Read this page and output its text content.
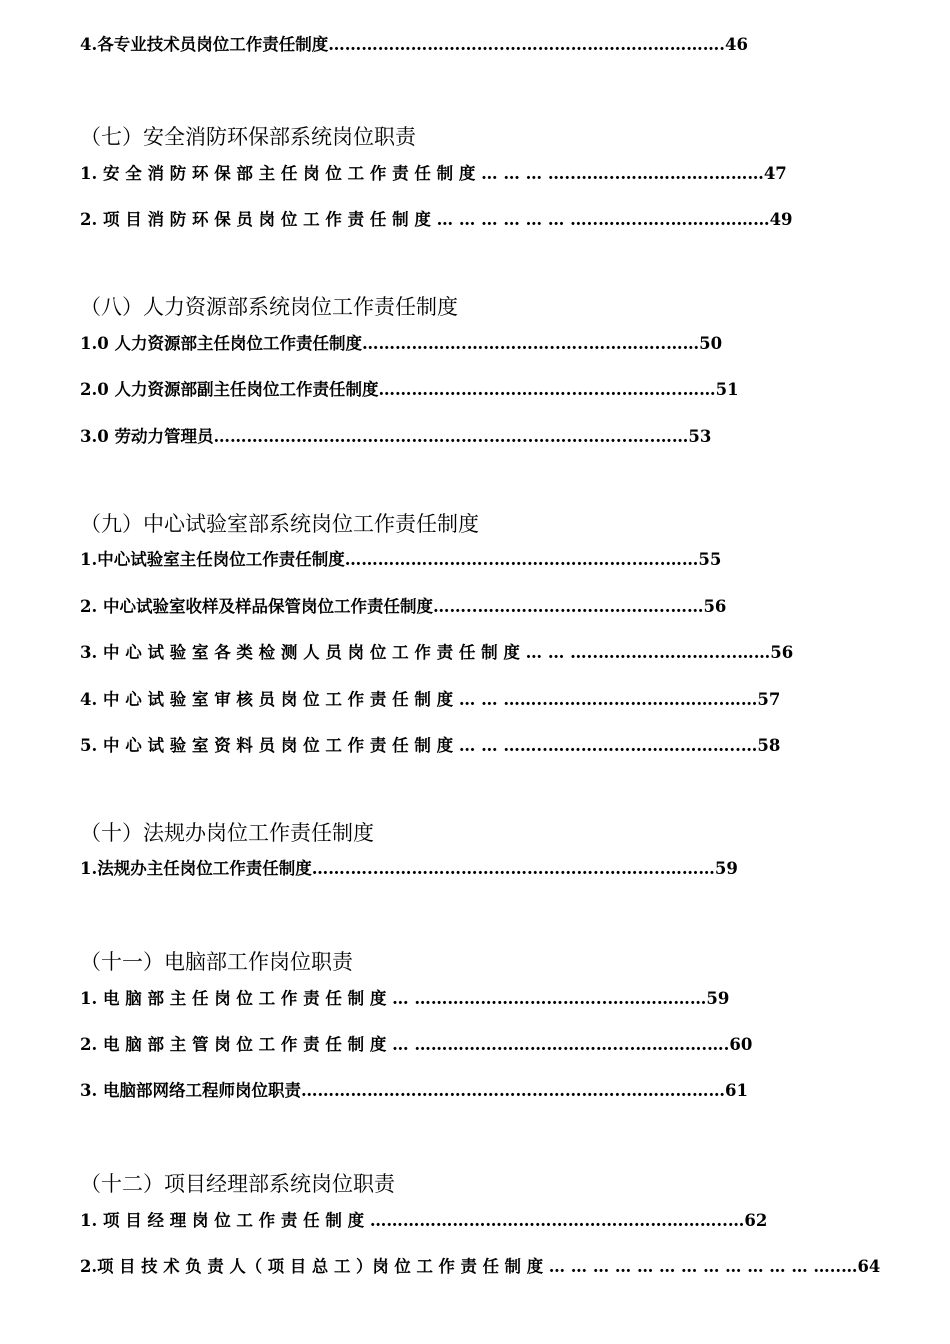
4.各专业技术员岗位工作责任制度…………………………..………………………………….46
（七）安全消防环保部系统岗位职责
1. 安 全 消 防 环 保 部 主 任 岗 位 工 作 责 任 制 度 … … … …..……..……………..………47
2. 项 目 消 防 环 保 员 岗 位 工 作 责 任 制 度 … … … … … … …..……..…..………………49
（八）人力资源部系统岗位工作责任制度
1.0 人力资源部主任岗位工作责任制度……………….……………..…..…………..……50
2.0 人力资源部副主任岗位工作责任制度……………….……………..…..…………..……51
3.0 劳动力管理员…………………………………………..……..……………..…..……53
（九）中心试验室部系统岗位工作责任制度
1.中心试验室主任岗位工作责任制度…………….………..……………………..…..……55
2. 中心试验室收样及样品保管岗位工作责任制度……..……………………………..……56
3. 中 心 试 验 室 各 类 检 测 人 员 岗 位 工 作 责 任 制 度 … … …..………..……….....……56
4. 中 心 试 验 室 审 核 员 岗 位 工 作 责 任 制 度 … … ……..…………………………..……57
5. 中 心 试 验 室 资 料 员 岗 位 工 作 责 任 制 度 … … ……..……………………………..…58
（十）法规办岗位工作责任制度
1.法规办主任岗位工作责任制度…….…..…………………………………..………..………59
（十一）电脑部工作岗位职责
1. 电 脑 部 主 任 岗 位 工 作 责 任 制 度 … ……………………………..………………59
2. 电 脑 部 主 管 岗 位 工 作 责 任 制 度 … ………………………………....………….….60
3. 电脑部网络工程师岗位职责…………………………………………………..………………61
（十二）项目经理部系统岗位职责
1. 项 目 经 理 岗 位 工 作 责 任 制 度 ………………………………………………………..…62
2.项 目 技 术 负 责 人（ 项 目 总 工 ）岗 位 工 作 责 任 制 度 … … … … … … … … … … … … …..…64
